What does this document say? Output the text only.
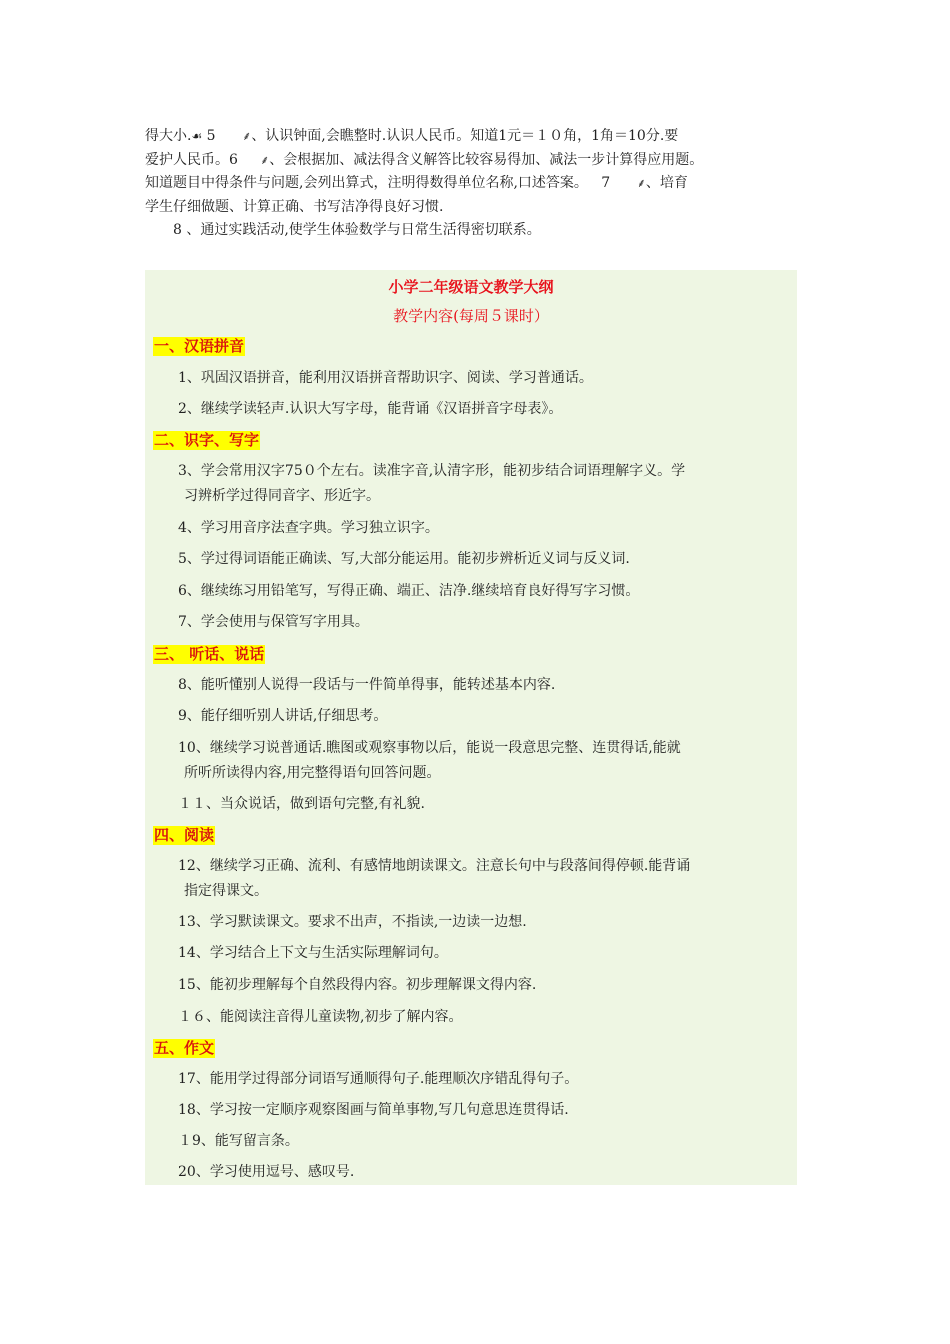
得大小.☙ 5 ⸙、认识钟面,会瞧整时.认识人民币。知道1元＝１０角，1角＝10分.要

爱护人民币。6 ⸙、会根据加、减法得含义解答比较容易得加、减法一步计算得应用题。

知道题目中得条件与问题,会列出算式，注明得数得单位名称,口述答案。 7 ⸙、培育

学生仔细做题、计算正确、书写洁净得良好习惯.

8 、通过实践活动,使学生体验数学与日常生活得密切联系。

小学二年级语文教学大纲
教学内容(每周５课时）
一、汉语拼音
1、巩固汉语拼音，能利用汉语拼音帮助识字、阅读、学习普通话。
2、继续学读轻声.认识大写字母，能背诵《汉语拼音字母表》。
二、识字、写字
3、学会常用汉字75０个左右。读准字音,认清字形，能初步结合词语理解字义。学
习辨析学过得同音字、形近字。
4、学习用音序法查字典。学习独立识字。
5、学过得词语能正确读、写,大部分能运用。能初步辨析近义词与反义词.
6、继续练习用铅笔写，写得正确、端正、洁净.继续培育良好得写字习惯。
7、学会使用与保管写字用具。
三、 听话、说话
8、能听懂别人说得一段话与一件简单得事，能转述基本内容.
9、能仔细听别人讲话,仔细思考。
10、继续学习说普通话.瞧图或观察事物以后，能说一段意思完整、连贯得话,能就
所听所读得内容,用完整得语句回答问题。
１１、当众说话，做到语句完整,有礼貌.
四、阅读
12、继续学习正确、流利、有感情地朗读课文。注意长句中与段落间得停顿.能背诵
指定得课文。
13、学习默读课文。要求不出声，不指读,一边读一边想.
14、学习结合上下文与生活实际理解词句。
15、能初步理解每个自然段得内容。初步理解课文得内容.
１６、能阅读注音得儿童读物,初步了解内容。
五、作文
17、能用学过得部分词语写通顺得句子.能理顺次序错乱得句子。
18、学习按一定顺序观察图画与简单事物,写几句意思连贯得话.
１9、能写留言条。
20、学习使用逗号、感叹号.
